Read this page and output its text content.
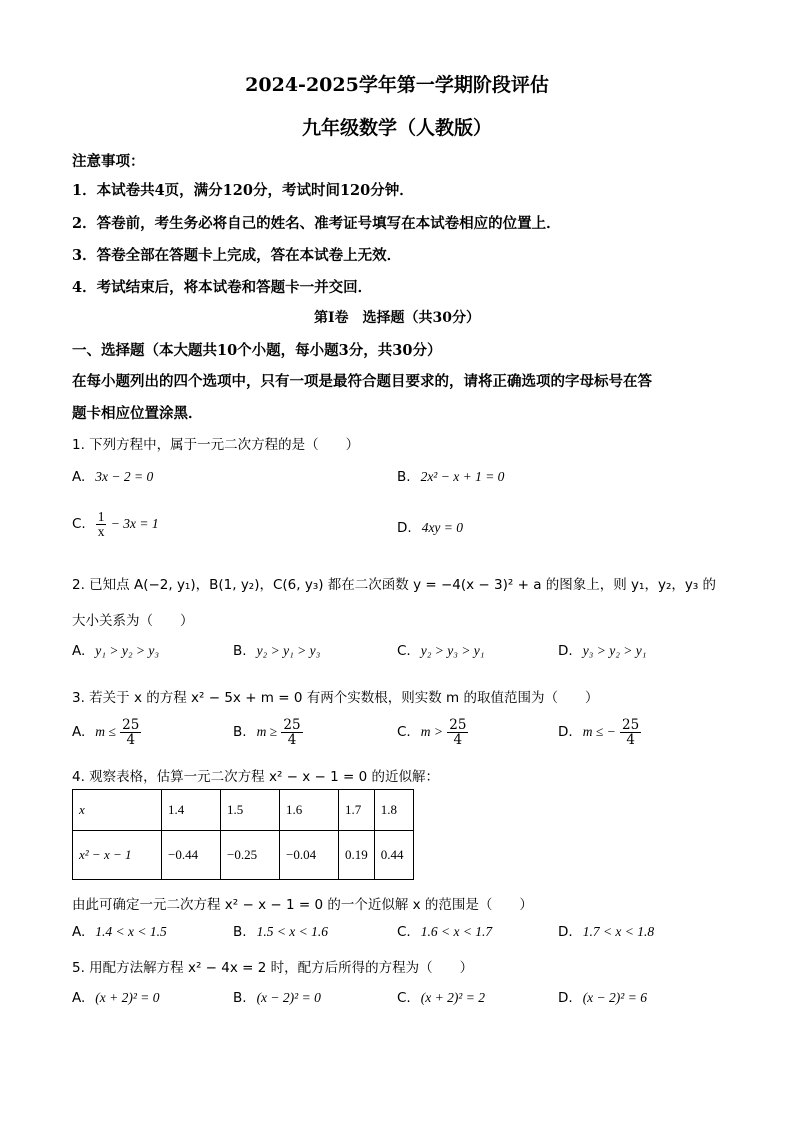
2024-2025学年第一学期阶段评估
九年级数学（人教版）
注意事项：
1．本试卷共4页，满分120分，考试时间120分钟．
2．答卷前，考生务必将自己的姓名、准考证号填写在本试卷相应的位置上．
3．答卷全部在答题卡上完成，答在本试卷上无效．
4．考试结束后，将本试卷和答题卡一并交回．
第Ⅰ卷　选择题（共30分）
一、选择题（本大题共10个小题，每小题3分，共30分）
在每小题列出的四个选项中，只有一项是最符合题目要求的，请将正确选项的字母标号在答
题卡相应位置涂黑．
1. 下列方程中，属于一元二次方程的是（　　）
A. 3x − 2 = 0	B. 2x² − x + 1 = 0
C. $\frac{1}{x} - 3x = 1$	D. 4xy = 0
2. 已知点 A(−2, y₁)，B(1, y₂)，C(6, y₃) 都在二次函数 y = −4(x − 3)² + a 的图象上，则 y₁，y₂，y₃ 的
大小关系为（　　）
A. y₁ > y₂ > y₃	B. y₂ > y₁ > y₃	C. y₂ > y₃ > y₁	D. y₃ > y₂ > y₁
3. 若关于 x 的方程 x² − 5x + m = 0 有两个实数根，则实数 m 的取值范围为（　　）
A. $m \le \frac{25}{4}$	B. $m \ge \frac{25}{4}$	C. $m > \frac{25}{4}$	D. m ≤ − $\frac{25}{4}$
4. 观察表格，估算一元二次方程 x² − x − 1 = 0 的近似解：
x	1.4	1.5	1.6	1.7	1.8
x² − x − 1	−0.44	−0.25	−0.04	0.19	0.44
由此可确定一元二次方程 x² − x − 1 = 0 的一个近似解 x 的范围是（　　）
A. 1.4 < x < 1.5	B. 1.5 < x < 1.6	C. 1.6 < x < 1.7	D. 1.7 < x < 1.8
5. 用配方法解方程 x² − 4x = 2 时，配方后所得的方程为（　　）
A. (x + 2)² = 0	B. (x − 2)² = 0	C. (x + 2)² = 2	D. (x − 2)² = 6
